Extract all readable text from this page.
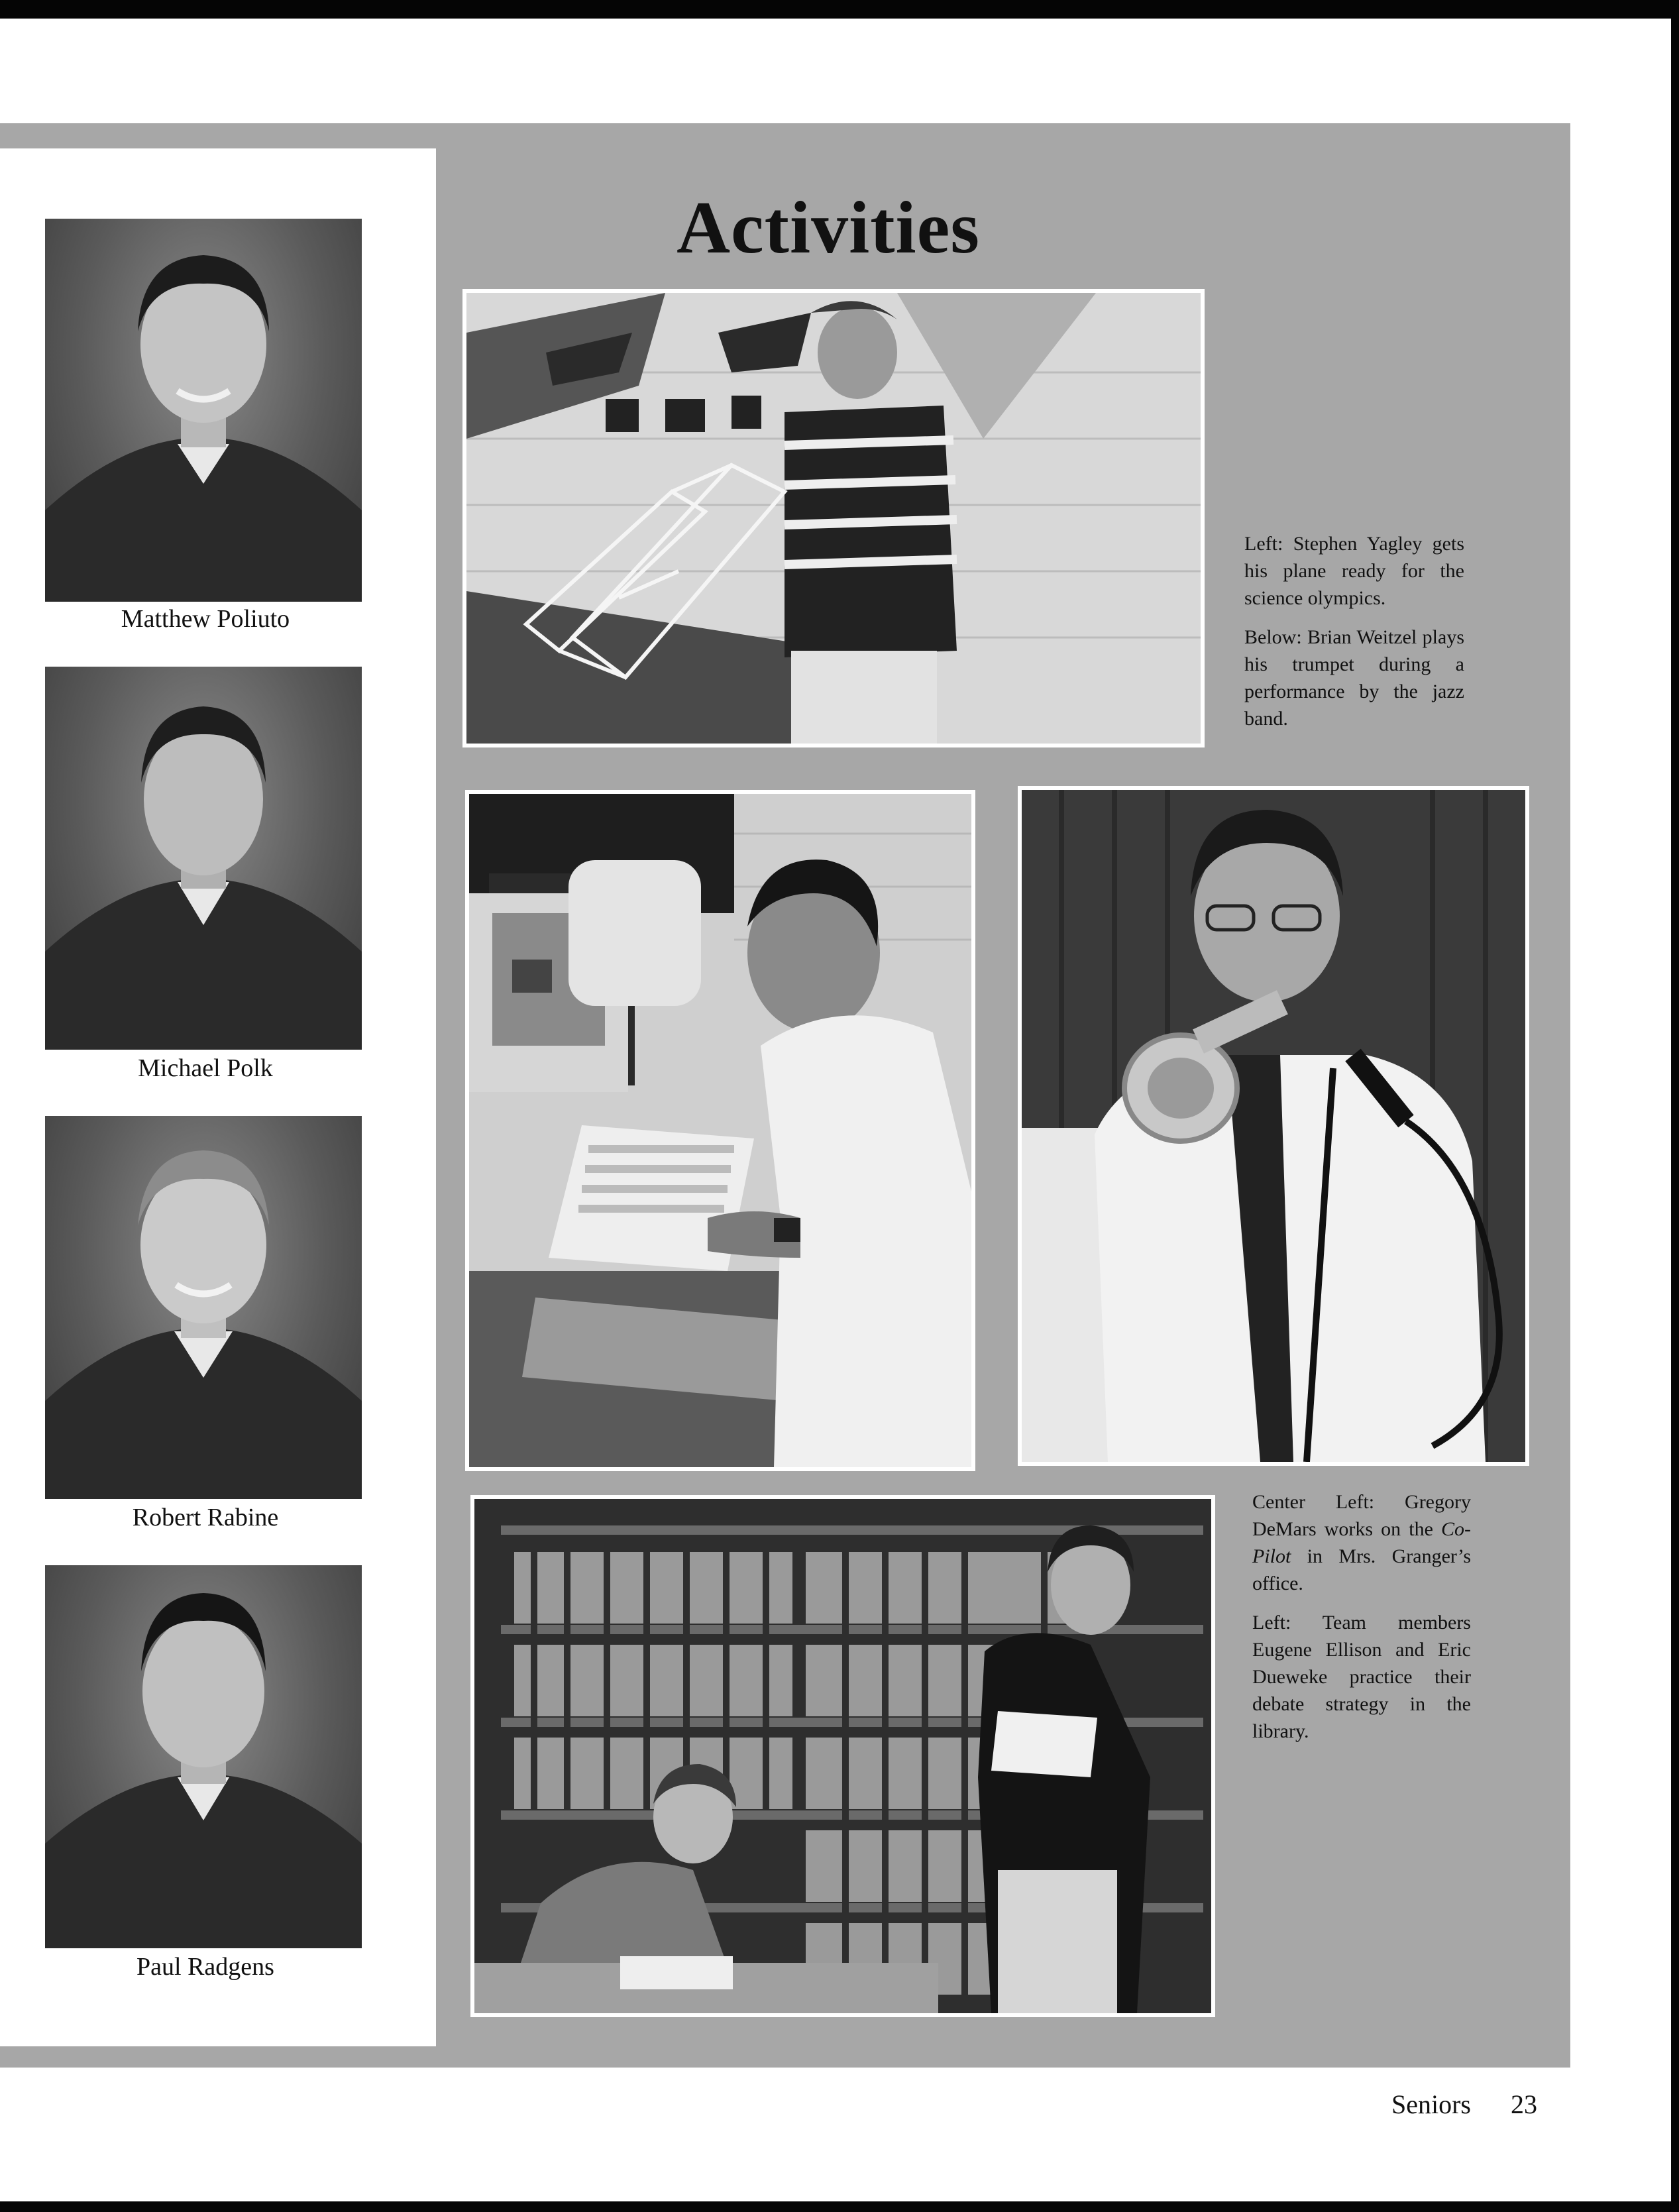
Matthew Poliuto
Michael Polk
Robert Rabine
Paul Radgens
Activities

Left: Stephen Yagley gets his plane ready for the science olympics.

Below: Brian Weitzel plays his trumpet during a performance by the jazz band.

Center Left: Gregory DeMars works on the Co-Pilot in Mrs. Granger’s office.

Left: Team members Eugene Ellison and Eric Dueweke practice their debate strategy in the library.

Seniors 23
